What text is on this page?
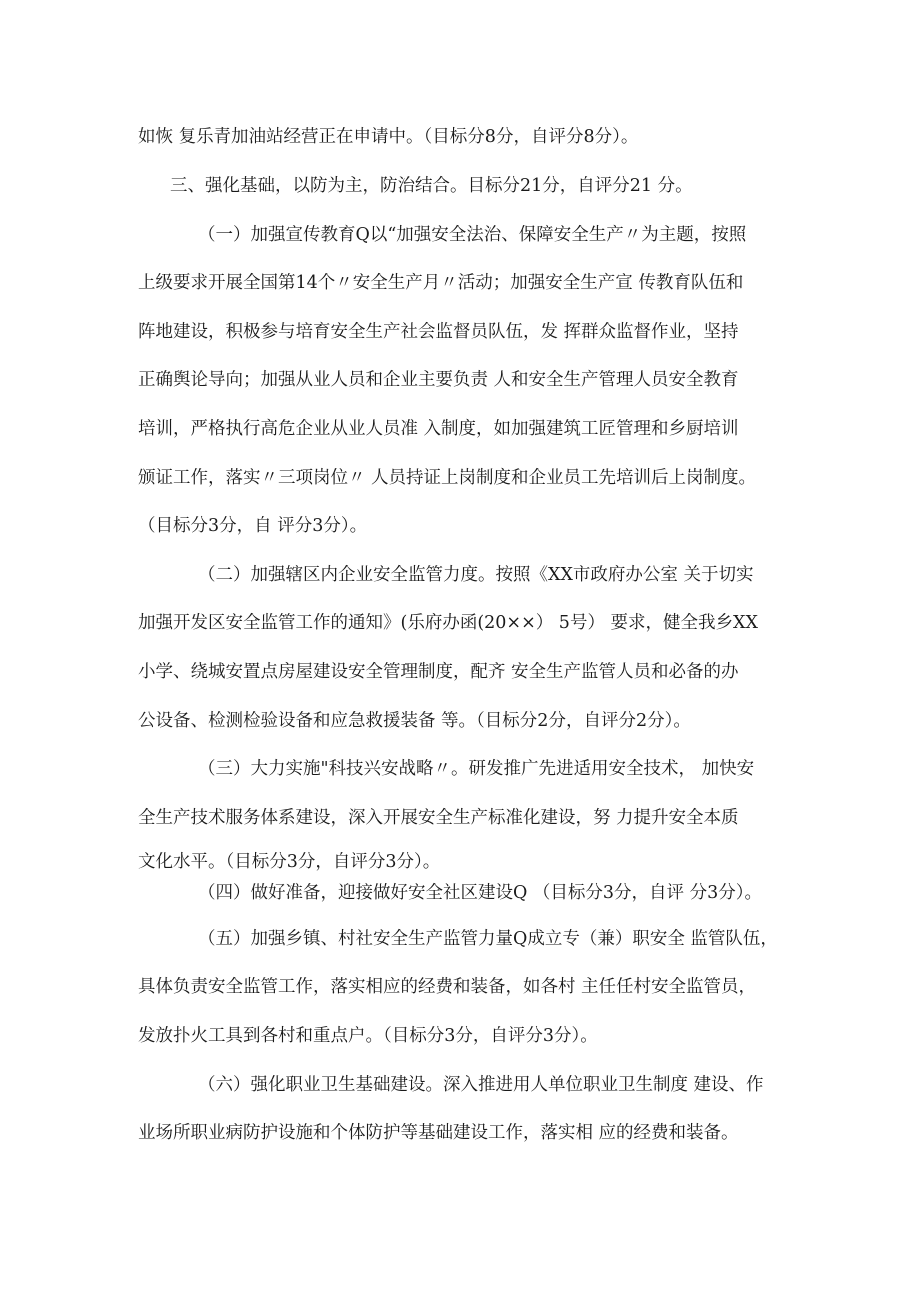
如恢 复乐青加油站经营正在申请中。（目标分8分，自评分8分）。
三、强化基础，以防为主，防治结合。目标分21分，自评分21 分。
（一）加强宣传教育Q以“加强安全法治、保障安全生产〃为主题，按照
上级要求开展全国第14个〃安全生产月〃活动；加强安全生产宣 传教育队伍和
阵地建设，积极参与培育安全生产社会监督员队伍，发 挥群众监督作业，坚持
正确舆论导向；加强从业人员和企业主要负责 人和安全生产管理人员安全教育
培训，严格执行高危企业从业人员准 入制度，如加强建筑工匠管理和乡厨培训
颁证工作，落实〃三项岗位〃 人员持证上岗制度和企业员工先培训后上岗制度。
（目标分3分，自 评分3分）。
（二）加强辖区内企业安全监管力度。按照《XX市政府办公室 关于切实
加强开发区安全监管工作的通知》(乐府办函(20××） 5号） 要求，健全我乡XX
小学、绕城安置点房屋建设安全管理制度，配齐 安全生产监管人员和必备的办
公设备、检测检验设备和应急救援装备 等。（目标分2分，自评分2分）。
（三）大力实施"科技兴安战略〃。研发推广先进适用安全技术， 加快安
全生产技术服务体系建设，深入开展安全生产标准化建设，努 力提升安全本质
文化水平。（目标分3分，自评分3分）。
（四）做好准备，迎接做好安全社区建设Q （目标分3分，自评 分3分）。
（五）加强乡镇、村社安全生产监管力量Q成立专（兼）职安全 监管队伍，
具体负责安全监管工作，落实相应的经费和装备，如各村 主任任村安全监管员，
发放扑火工具到各村和重点户。（目标分3分，自评分3分）。
（六）强化职业卫生基础建设。深入推进用人单位职业卫生制度 建设、作
业场所职业病防护设施和个体防护等基础建设工作，落实相 应的经费和装备。
